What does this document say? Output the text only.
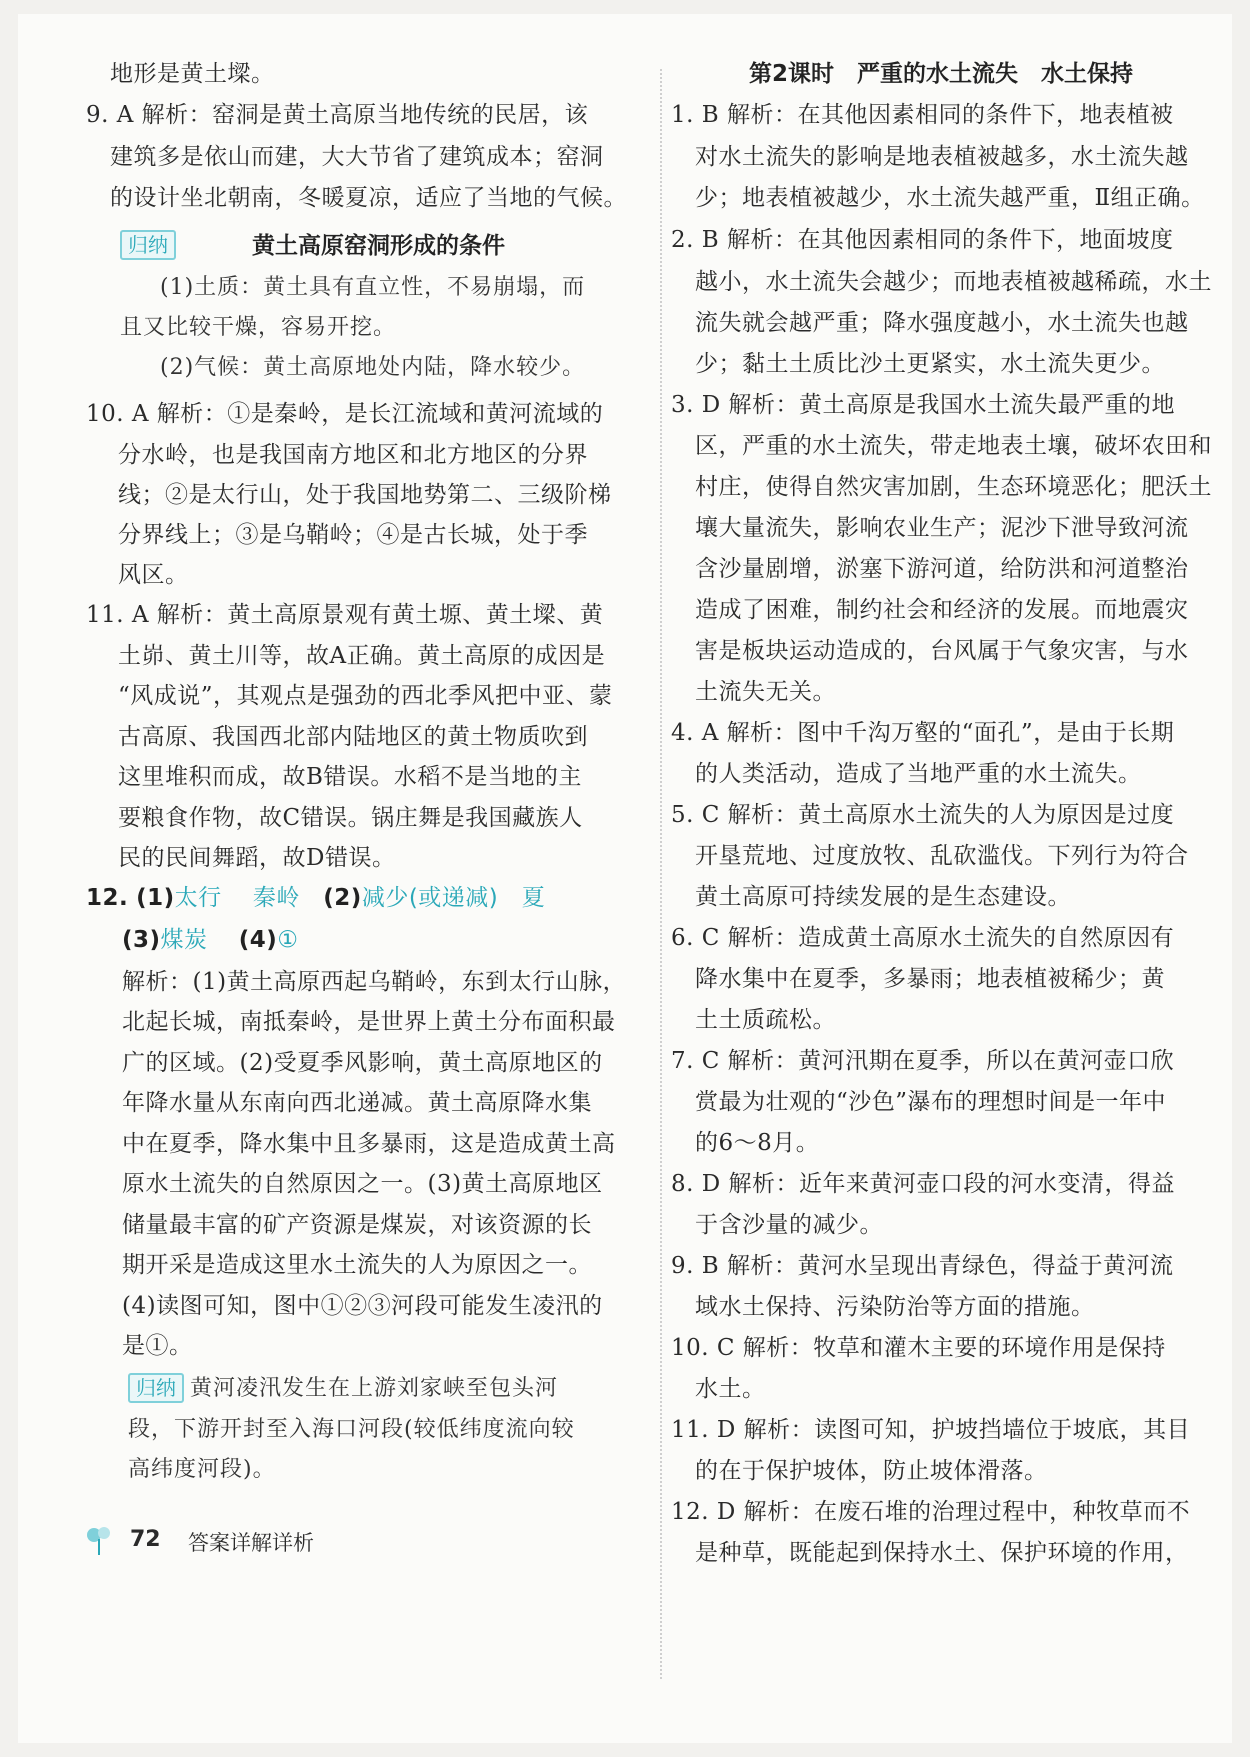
地形是黄土墚。
9. A 解析：窑洞是黄土高原当地传统的民居，该
建筑多是依山而建，大大节省了建筑成本；窑洞
的设计坐北朝南，冬暖夏凉，适应了当地的气候。
归纳	黄土高原窑洞形成的条件
(1)土质：黄土具有直立性，不易崩塌，而
且又比较干燥，容易开挖。
(2)气候：黄土高原地处内陆，降水较少。
10. A 解析：①是秦岭，是长江流域和黄河流域的
分水岭，也是我国南方地区和北方地区的分界
线；②是太行山，处于我国地势第二、三级阶梯
分界线上；③是乌鞘岭；④是古长城，处于季
风区。
11. A 解析：黄土高原景观有黄土塬、黄土墚、黄
土峁、黄土川等，故A正确。黄土高原的成因是
“风成说”，其观点是强劲的西北季风把中亚、蒙
古高原、我国西北部内陆地区的黄土物质吹到
这里堆积而成，故B错误。水稻不是当地的主
要粮食作物，故C错误。锅庄舞是我国藏族人
民的民间舞蹈，故D错误。
12. (1)太行 秦岭 (2)减少(或递减) 夏
(3)煤炭 (4)①
解析：(1)黄土高原西起乌鞘岭，东到太行山脉，
北起长城，南抵秦岭，是世界上黄土分布面积最
广的区域。(2)受夏季风影响，黄土高原地区的
年降水量从东南向西北递减。黄土高原降水集
中在夏季，降水集中且多暴雨，这是造成黄土高
原水土流失的自然原因之一。(3)黄土高原地区
储量最丰富的矿产资源是煤炭，对该资源的长
期开采是造成这里水土流失的人为原因之一。
(4)读图可知，图中①②③河段可能发生凌汛的
是①。
归纳 黄河凌汛发生在上游刘家峡至包头河
段，下游开封至入海口河段(较低纬度流向较
高纬度河段)。
第2课时　严重的水土流失　水土保持
1. B 解析：在其他因素相同的条件下，地表植被
对水土流失的影响是地表植被越多，水土流失越
少；地表植被越少，水土流失越严重，Ⅱ组正确。
2. B 解析：在其他因素相同的条件下，地面坡度
越小，水土流失会越少；而地表植被越稀疏，水土
流失就会越严重；降水强度越小，水土流失也越
少；黏土土质比沙土更紧实，水土流失更少。
3. D 解析：黄土高原是我国水土流失最严重的地
区，严重的水土流失，带走地表土壤，破坏农田和
村庄，使得自然灾害加剧，生态环境恶化；肥沃土
壤大量流失，影响农业生产；泥沙下泄导致河流
含沙量剧增，淤塞下游河道，给防洪和河道整治
造成了困难，制约社会和经济的发展。而地震灾
害是板块运动造成的，台风属于气象灾害，与水
土流失无关。
4. A 解析：图中千沟万壑的“面孔”，是由于长期
的人类活动，造成了当地严重的水土流失。
5. C 解析：黄土高原水土流失的人为原因是过度
开垦荒地、过度放牧、乱砍滥伐。下列行为符合
黄土高原可持续发展的是生态建设。
6. C 解析：造成黄土高原水土流失的自然原因有
降水集中在夏季，多暴雨；地表植被稀少；黄
土土质疏松。
7. C 解析：黄河汛期在夏季，所以在黄河壶口欣
赏最为壮观的“沙色”瀑布的理想时间是一年中
的6～8月。
8. D 解析：近年来黄河壶口段的河水变清，得益
于含沙量的减少。
9. B 解析：黄河水呈现出青绿色，得益于黄河流
域水土保持、污染防治等方面的措施。
10. C 解析：牧草和灌木主要的环境作用是保持
水土。
11. D 解析：读图可知，护坡挡墙位于坡底，其目
的在于保护坡体，防止坡体滑落。
12. D 解析：在废石堆的治理过程中，种牧草而不
是种草，既能起到保持水土、保护环境的作用，
72 答案详解详析
